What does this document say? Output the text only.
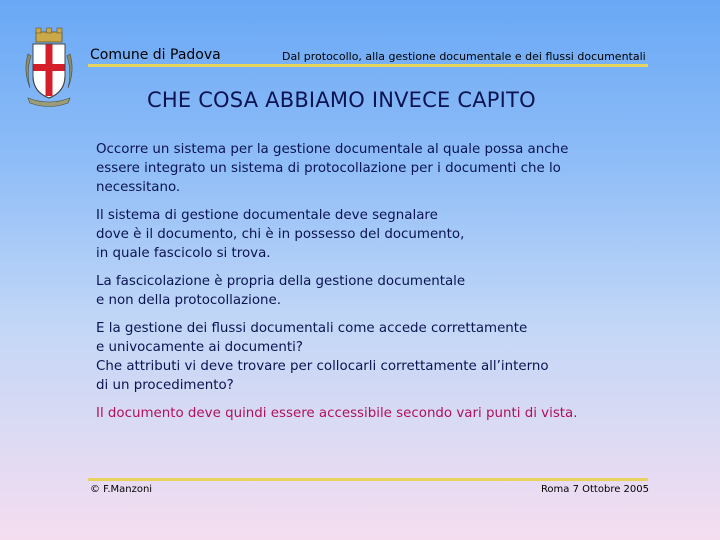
Comune di Padova	Dal protocollo, alla gestione documentale e dei flussi documentali
CHE COSA ABBIAMO INVECE CAPITO

Occorre un sistema per la gestione documentale al quale possa anche
essere integrato un sistema di protocollazione per i documenti che lo
necessitano.

Il sistema di gestione documentale deve segnalare
dove è il documento, chi è in possesso del documento,
in quale fascicolo si trova.

La fascicolazione è propria della gestione documentale
e non della protocollazione.

E la gestione dei flussi documentali come accede correttamente
e univocamente ai documenti?
Che attributi vi deve trovare per collocarli correttamente all’interno
di un procedimento?

Il documento deve quindi essere accessibile secondo vari punti di vista.

© F.Manzoni	Roma 7 Ottobre 2005
